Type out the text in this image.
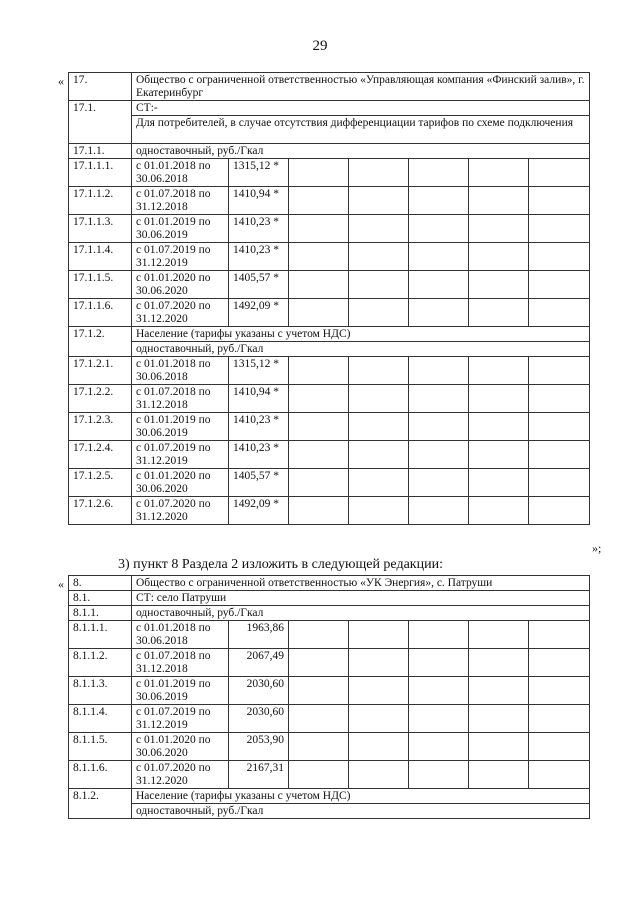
29
« 17.	Общество с ограниченной ответственностью «Управляющая компания «Финский залив», г. Екатеринбург						
17.1.	СТ:-						
	Для потребителей, в случае отсутствия дифференциации тарифов по схеме подключения						
17.1.1.	одноставочный, руб./Гкал						
17.1.1.1.	с 01.01.2018 по 30.06.2018	1315,12 *					
17.1.1.2.	с 01.07.2018 по 31.12.2018	1410,94 *					
17.1.1.3.	с 01.01.2019 по 30.06.2019	1410,23 *					
17.1.1.4.	с 01.07.2019 по 31.12.2019	1410,23 *					
17.1.1.5.	с 01.01.2020 по 30.06.2020	1405,57 *					
17.1.1.6.	с 01.07.2020 по 31.12.2020	1492,09 *					
17.1.2.	Население (тарифы указаны с учетом НДС)						
	одноставочный, руб./Гкал						
17.1.2.1.	с 01.01.2018 по 30.06.2018	1315,12 *					
17.1.2.2.	с 01.07.2018 по 31.12.2018	1410,94 *					
17.1.2.3.	с 01.01.2019 по 30.06.2019	1410,23 *					
17.1.2.4.	с 01.07.2019 по 31.12.2019	1410,23 *					
17.1.2.5.	с 01.01.2020 по 30.06.2020	1405,57 *					
17.1.2.6.	с 01.07.2020 по 31.12.2020	1492,09 *					
»;
3) пункт 8 Раздела 2 изложить в следующей редакции:
« 8.	Общество с ограниченной ответственностью «УК Энергия», с. Патруши						
8.1.	СТ: село Патруши						
8.1.1.	одноставочный, руб./Гкал						
8.1.1.1.	с 01.01.2018 по 30.06.2018	1963,86					
8.1.1.2.	с 01.07.2018 по 31.12.2018	2067,49					
8.1.1.3.	с 01.01.2019 по 30.06.2019	2030,60					
8.1.1.4.	с 01.07.2019 по 31.12.2019	2030,60					
8.1.1.5.	с 01.01.2020 по 30.06.2020	2053,90					
8.1.1.6.	с 01.07.2020 по 31.12.2020	2167,31					
8.1.2.	Население (тарифы указаны с учетом НДС)						
	одноставочный, руб./Гкал						
